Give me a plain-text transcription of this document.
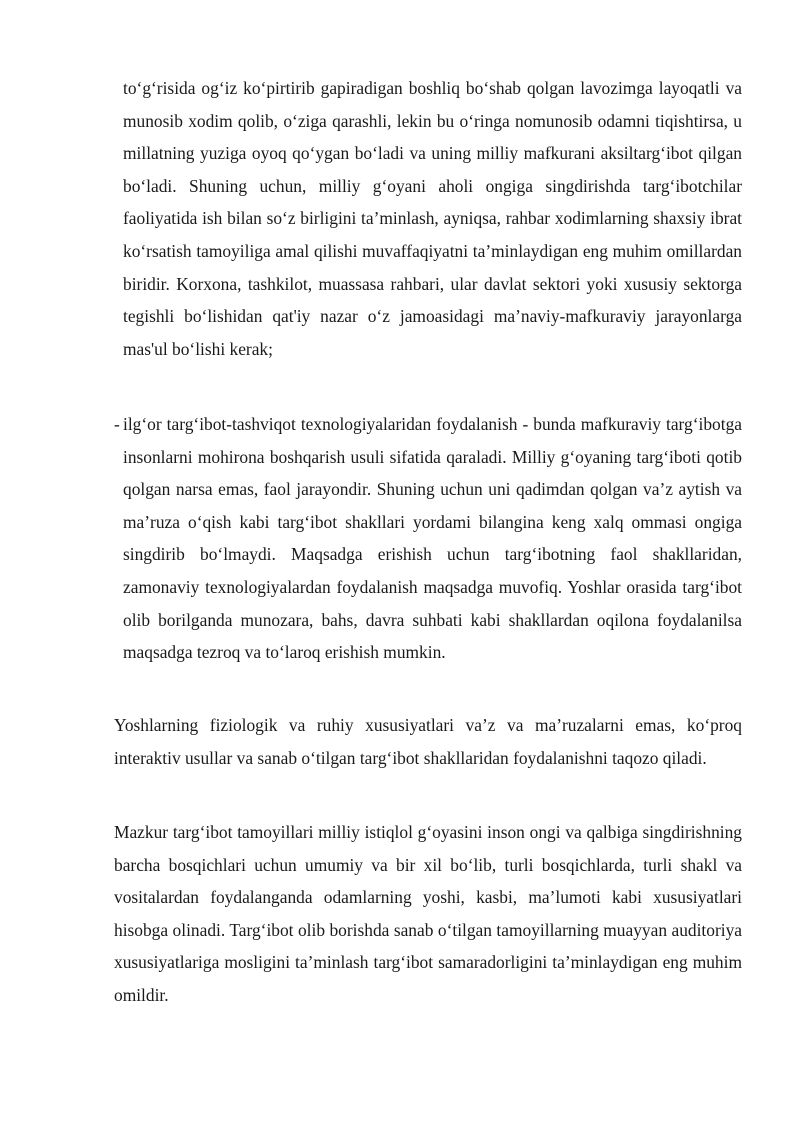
to‘g‘risida og‘iz ko‘pirtirib gapiradigan boshliq bo‘shab qolgan lavozimga layoqatli va munosib xodim qolib, o‘ziga qarashli, lekin bu o‘ringa nomunosib odamni tiqishtirsa, u millatning yuziga oyoq qo‘ygan bo‘ladi va uning milliy mafkurani aksiltarg‘ibot qilgan bo‘ladi. Shuning uchun, milliy g‘oyani aholi ongiga singdirishda targ‘ibotchilar faoliyatida ish bilan so‘z birligini ta’minlash, ayniqsa, rahbar xodimlarning shaxsiy ibrat ko‘rsatish tamoyiliga amal qilishi muvaffaqiyatni ta’minlaydigan eng muhim omillardan biridir. Korxona, tashkilot, muassasa rahbari, ular davlat sektori yoki xususiy sektorga tegishli bo‘lishidan qat'iy nazar o‘z jamoasidagi ma’naviy-mafkuraviy jarayonlarga mas'ul bo‘lishi kerak;

- ilg‘or targ‘ibot-tashviqot texnologiyalaridan foydalanish - bunda mafkuraviy targ‘ibotga insonlarni mohirona boshqarish usuli sifatida qaraladi. Milliy g‘oyaning targ‘iboti qotib qolgan narsa emas, faol jarayondir. Shuning uchun uni qadimdan qolgan va’z aytish va ma’ruza o‘qish kabi targ‘ibot shakllari yordami bilangina keng xalq ommasi ongiga singdirib bo‘lmaydi. Maqsadga erishish uchun targ‘ibotning faol shakllaridan, zamonaviy texnologiyalardan foydalanish maqsadga muvofiq. Yoshlar orasida targ‘ibot olib borilganda munozara, bahs, davra suhbati kabi shakllardan oqilona foydalanilsa maqsadga tezroq va to‘laroq erishish mumkin.

Yoshlarning fiziologik va ruhiy xususiyatlari va’z va ma’ruzalarni emas, ko‘proq interaktiv usullar va sanab o‘tilgan targ‘ibot shakllaridan foydalanishni taqozo qiladi.

Mazkur targ‘ibot tamoyillari milliy istiqlol g‘oyasini inson ongi va qalbiga singdirishning barcha bosqichlari uchun umumiy va bir xil bo‘lib, turli bosqichlarda, turli shakl va vositalardan foydalanganda odamlarning yoshi, kasbi, ma’lumoti kabi xususiyatlari hisobga olinadi. Targ‘ibot olib borishda sanab o‘tilgan tamoyillarning muayyan auditoriya xususiyatlariga mosligini ta’minlash targ‘ibot samaradorligini ta’minlaydigan eng muhim omildir.
